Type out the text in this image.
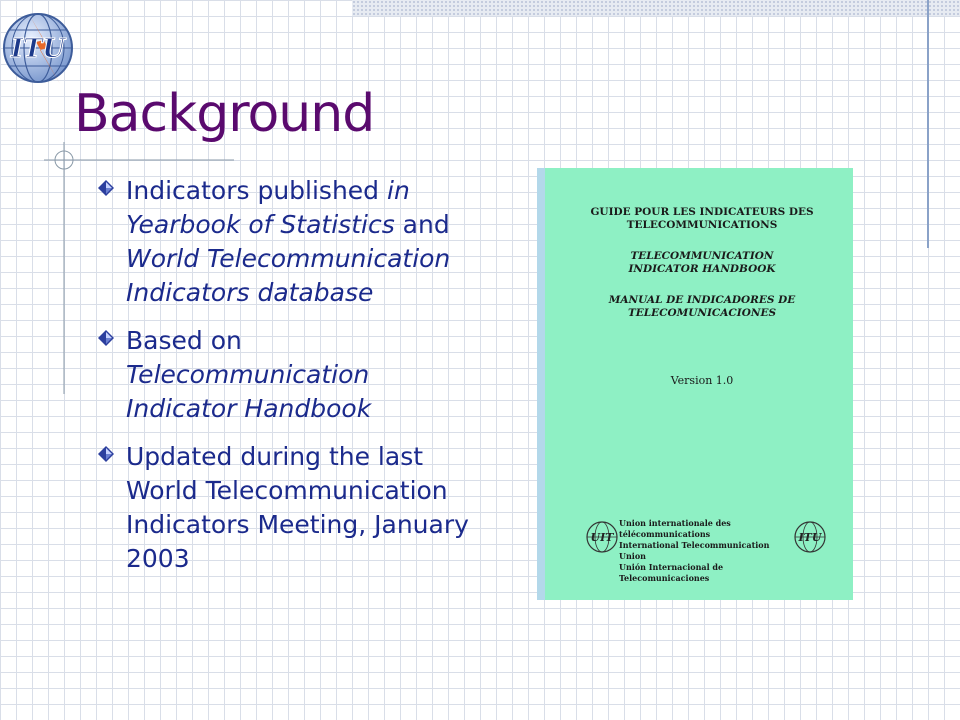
ITU
Background
Indicators published in Yearbook of Statistics and World Telecommunication Indicators database
Based on Telecommunication Indicator Handbook
Updated during the last World Telecommunication Indicators Meeting, January 2003
GUIDE POUR LES INDICATEURS DES
TELECOMMUNICATIONS
TELECOMMUNICATION
INDICATOR HANDBOOK
MANUAL DE INDICADORES DE
TELECOMUNICACIONES
Version 1.0
UIT
Union internationale des télécommunications
International Telecommunication Union
Unión Internacional de Telecomunicaciones
ITU
